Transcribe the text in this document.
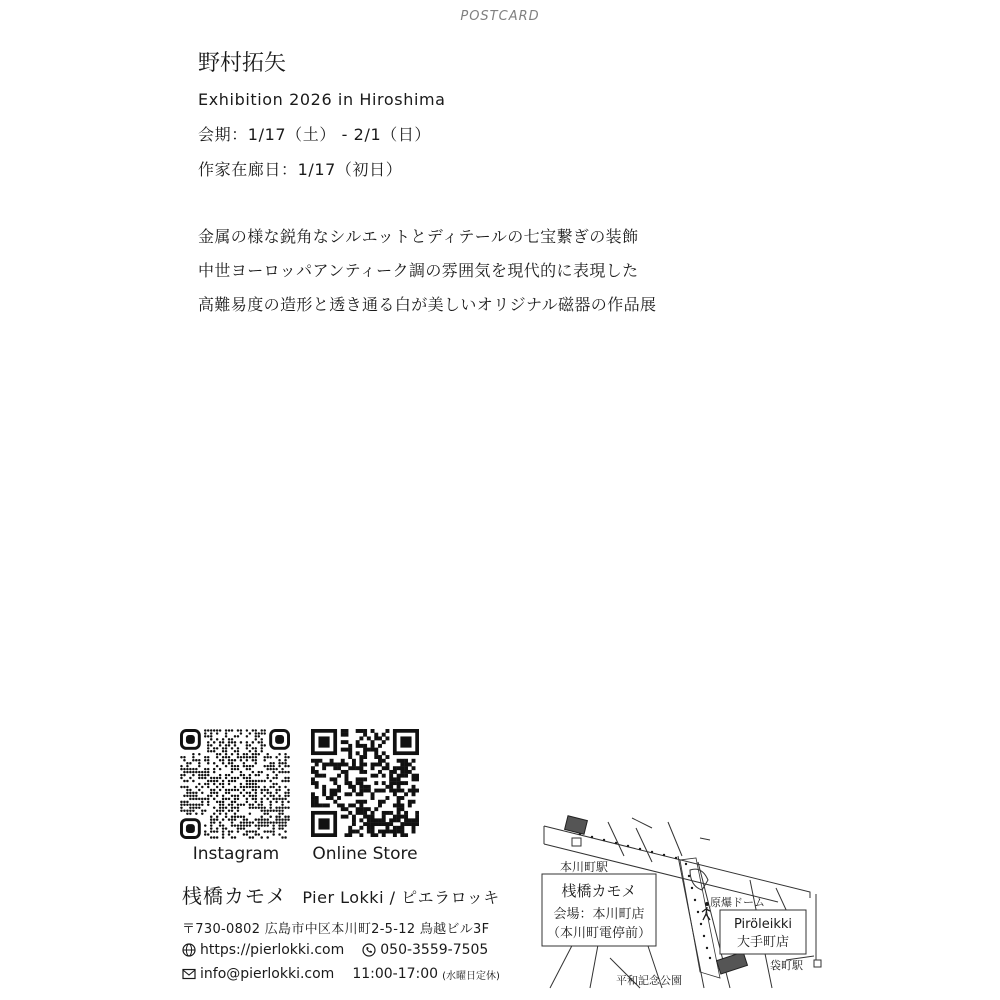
POSTCARD
野村拓矢
Exhibition 2026 in Hiroshima
会期：1/17（土） - 2/1（日）
作家在廊日：1/17（初日）
金属の様な鋭角なシルエットとディテールの七宝繋ぎの装飾
中世ヨーロッパアンティーク調の雰囲気を現代的に表現した
高難易度の造形と透き通る白が美しいオリジナル磁器の作品展
Instagram	Online Store
桟橋カモメ Pier Lokki / ピエラロッキ
〒730-0802 広島市中区本川町2-5-12 鳥越ビル3F
https://pierlokki.com	050-3559-7505
info@pierlokki.com 11:00-17:00 (水曜日定休)
本川町駅
桟橋カモメ
会場：本川町店
（本川町電停前）
原爆ドーム
Piröleikki
大手町店
袋町駅
平和記念公園
